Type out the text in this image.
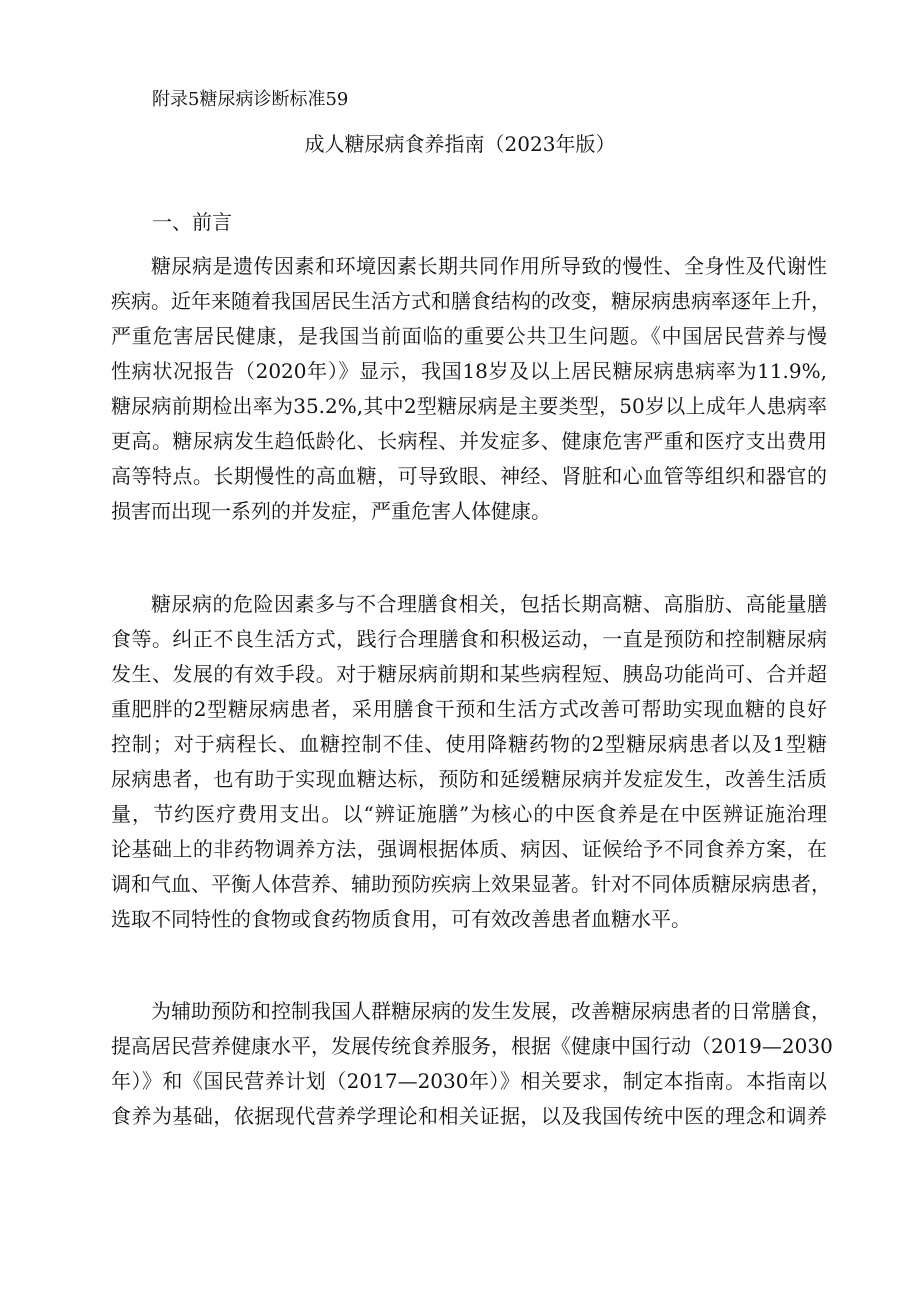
附录5糖尿病诊断标准59
成人糖尿病食养指南（2023年版）
一、前言
糖尿病是遗传因素和环境因素长期共同作用所导致的慢性、全身性及代谢性
疾病。近年来随着我国居民生活方式和膳食结构的改变，糖尿病患病率逐年上升，
严重危害居民健康，是我国当前面临的重要公共卫生问题。《中国居民营养与慢
性病状况报告（2020年）》显示，我国18岁及以上居民糖尿病患病率为11.9%,
糖尿病前期检出率为35.2%,其中2型糖尿病是主要类型，50岁以上成年人患病率
更高。糖尿病发生趋低龄化、长病程、并发症多、健康危害严重和医疗支出费用
高等特点。长期慢性的高血糖，可导致眼、神经、肾脏和心血管等组织和器官的
损害而出现一系列的并发症，严重危害人体健康。
糖尿病的危险因素多与不合理膳食相关，包括长期高糖、高脂肪、高能量膳
食等。纠正不良生活方式，践行合理膳食和积极运动，一直是预防和控制糖尿病
发生、发展的有效手段。对于糖尿病前期和某些病程短、胰岛功能尚可、合并超
重肥胖的2型糖尿病患者，采用膳食干预和生活方式改善可帮助实现血糖的良好
控制；对于病程长、血糖控制不佳、使用降糖药物的2型糖尿病患者以及1型糖
尿病患者，也有助于实现血糖达标，预防和延缓糖尿病并发症发生，改善生活质
量，节约医疗费用支出。以“辨证施膳”为核心的中医食养是在中医辨证施治理
论基础上的非药物调养方法，强调根据体质、病因、证候给予不同食养方案，在
调和气血、平衡人体营养、辅助预防疾病上效果显著。针对不同体质糖尿病患者，
选取不同特性的食物或食药物质食用，可有效改善患者血糖水平。
为辅助预防和控制我国人群糖尿病的发生发展，改善糖尿病患者的日常膳食，
提高居民营养健康水平，发展传统食养服务，根据《健康中国行动（2019—2030
年）》和《国民营养计划（2017—2030年）》相关要求，制定本指南。本指南以
食养为基础，依据现代营养学理论和相关证据，以及我国传统中医的理念和调养
